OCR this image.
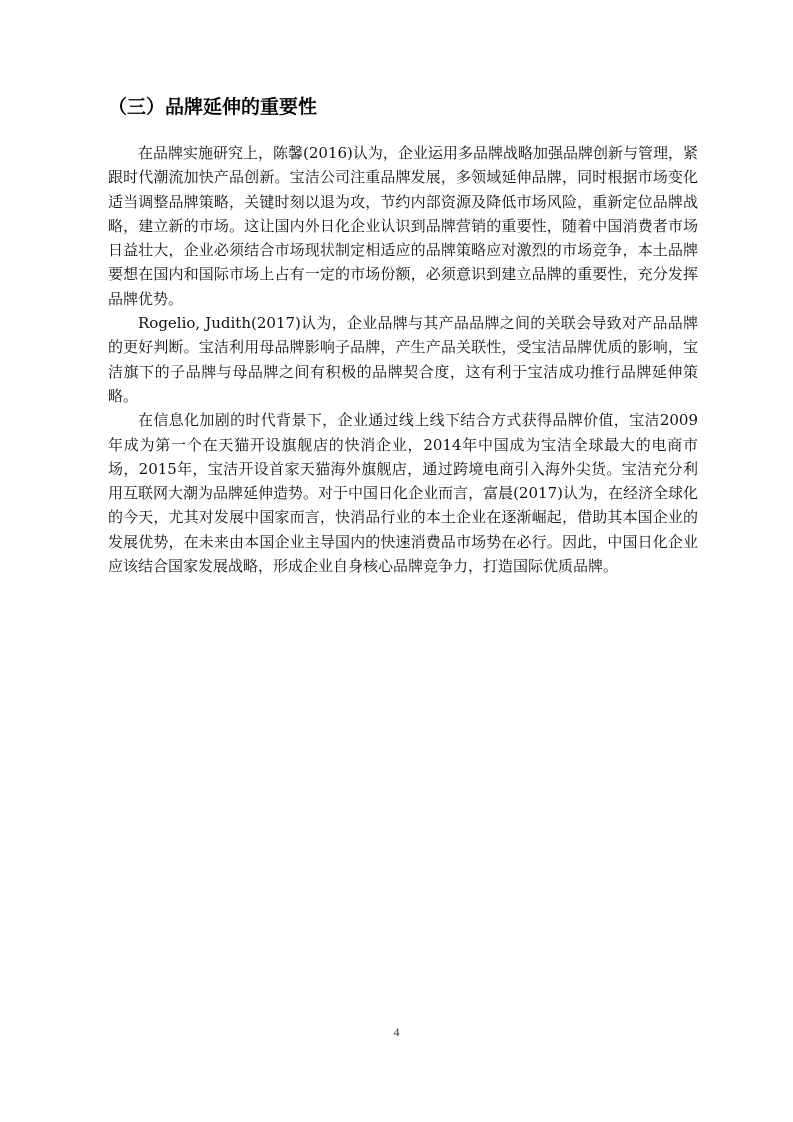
（三）品牌延伸的重要性

在品牌实施研究上，陈馨(2016)认为，企业运用多品牌战略加强品牌创新与管理，紧跟时代潮流加快产品创新。宝洁公司注重品牌发展，多领域延伸品牌，同时根据市场变化适当调整品牌策略，关键时刻以退为攻，节约内部资源及降低市场风险，重新定位品牌战略，建立新的市场。这让国内外日化企业认识到品牌营销的重要性，随着中国消费者市场日益壮大，企业必须结合市场现状制定相适应的品牌策略应对激烈的市场竞争，本土品牌要想在国内和国际市场上占有一定的市场份额，必须意识到建立品牌的重要性，充分发挥品牌优势。

Rogelio, Judith(2017)认为，企业品牌与其产品品牌之间的关联会导致对产品品牌的更好判断。宝洁利用母品牌影响子品牌，产生产品关联性，受宝洁品牌优质的影响，宝洁旗下的子品牌与母品牌之间有积极的品牌契合度，这有利于宝洁成功推行品牌延伸策略。

在信息化加剧的时代背景下，企业通过线上线下结合方式获得品牌价值，宝洁2009年成为第一个在天猫开设旗舰店的快消企业，2014年中国成为宝洁全球最大的电商市场，2015年，宝洁开设首家天猫海外旗舰店，通过跨境电商引入海外尖货。宝洁充分利用互联网大潮为品牌延伸造势。对于中国日化企业而言，富晨(2017)认为，在经济全球化的今天，尤其对发展中国家而言，快消品行业的本土企业在逐渐崛起，借助其本国企业的发展优势，在未来由本国企业主导国内的快速消费品市场势在必行。因此，中国日化企业应该结合国家发展战略，形成企业自身核心品牌竞争力，打造国际优质品牌。

4
